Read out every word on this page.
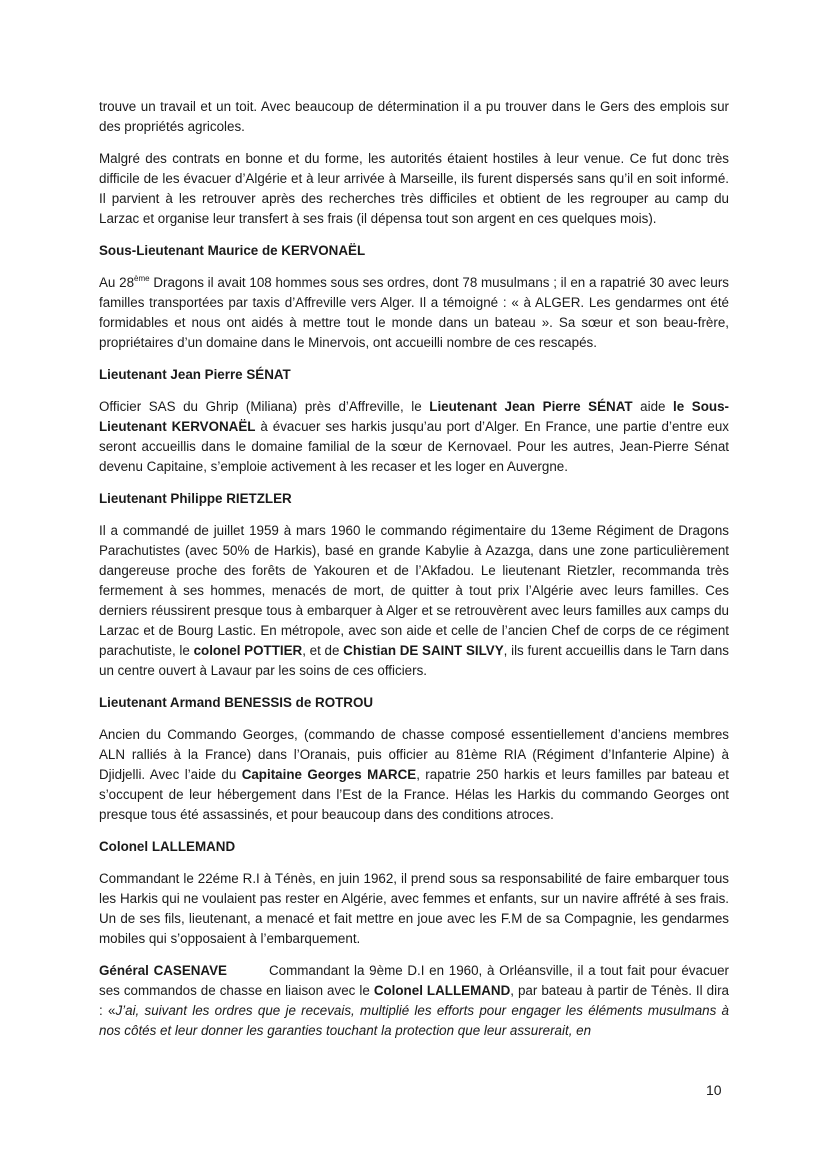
trouve un travail et un toit. Avec beaucoup de détermination il a pu trouver dans le Gers des emplois sur des propriétés agricoles.

Malgré des contrats en bonne et du forme, les autorités étaient hostiles à leur venue. Ce fut donc très difficile de les évacuer d’Algérie et à leur arrivée à Marseille, ils furent dispersés sans qu’il en soit informé. Il parvient à les retrouver après des recherches très difficiles et obtient de les regrouper au camp du Larzac et organise leur transfert à ses frais (il dépensa tout son argent en ces quelques mois).

Sous-Lieutenant Maurice de KERVONAËL

Au 28ème Dragons il avait 108 hommes sous ses ordres, dont 78 musulmans ; il en a rapatrié 30 avec leurs familles transportées par taxis d’Affreville vers Alger. Il a témoigné : « à ALGER. Les gendarmes ont été formidables et nous ont aidés à mettre tout le monde dans un bateau ». Sa sœur et son beau-frère, propriétaires d’un domaine dans le Minervois, ont accueilli nombre de ces rescapés.

Lieutenant Jean Pierre SÉNAT

Officier SAS du Ghrip (Miliana) près d’Affreville, le Lieutenant Jean Pierre SÉNAT aide le Sous-Lieutenant KERVONAËL à évacuer ses harkis jusqu’au port d’Alger. En France, une partie d’entre eux seront accueillis dans le domaine familial de la sœur de Kernovael. Pour les autres, Jean-Pierre Sénat devenu Capitaine, s’emploie activement à les recaser et les loger en Auvergne.

Lieutenant Philippe RIETZLER

Il a commandé de juillet 1959 à mars 1960 le commando régimentaire du 13eme Régiment de Dragons Parachutistes (avec 50% de Harkis), basé en grande Kabylie à Azazga, dans une zone particulièrement dangereuse proche des forêts de Yakouren et de l’Akfadou. Le lieutenant Rietzler, recommanda très fermement à ses hommes, menacés de mort, de quitter à tout prix l’Algérie avec leurs familles. Ces derniers réussirent presque tous à embarquer à Alger et se retrouvèrent avec leurs familles aux camps du Larzac et de Bourg Lastic. En métropole, avec son aide et celle de l’ancien Chef de corps de ce régiment parachutiste, le colonel POTTIER, et de Chistian DE SAINT SILVY, ils furent accueillis dans le Tarn dans un centre ouvert à Lavaur par les soins de ces officiers.

Lieutenant Armand BENESSIS de ROTROU

Ancien du Commando Georges, (commando de chasse composé essentiellement d’anciens membres ALN ralliés à la France) dans l’Oranais, puis officier au 81ème RIA (Régiment d’Infanterie Alpine) à Djidjelli. Avec l’aide du Capitaine Georges MARCE, rapatrie 250 harkis et leurs familles par bateau et s’occupent de leur hébergement dans l’Est de la France. Hélas les Harkis du commando Georges ont presque tous été assassinés, et pour beaucoup dans des conditions atroces.

Colonel LALLEMAND

Commandant le 22éme R.I à Ténès, en juin 1962, il prend sous sa responsabilité de faire embarquer tous les Harkis qui ne voulaient pas rester en Algérie, avec femmes et enfants, sur un navire affrété à ses frais. Un de ses fils, lieutenant, a menacé et fait mettre en joue avec les F.M de sa Compagnie, les gendarmes mobiles qui s’opposaient à l’embarquement.

Général CASENAVE	Commandant la 9ème D.I en 1960, à Orléansville, il a tout fait pour évacuer ses commandos de chasse en liaison avec le Colonel LALLEMAND, par bateau à partir de Ténès. Il dira : «J’ai, suivant les ordres que je recevais, multiplié les efforts pour engager les éléments musulmans à nos côtés et leur donner les garanties touchant la protection que leur assurerait, en

10
